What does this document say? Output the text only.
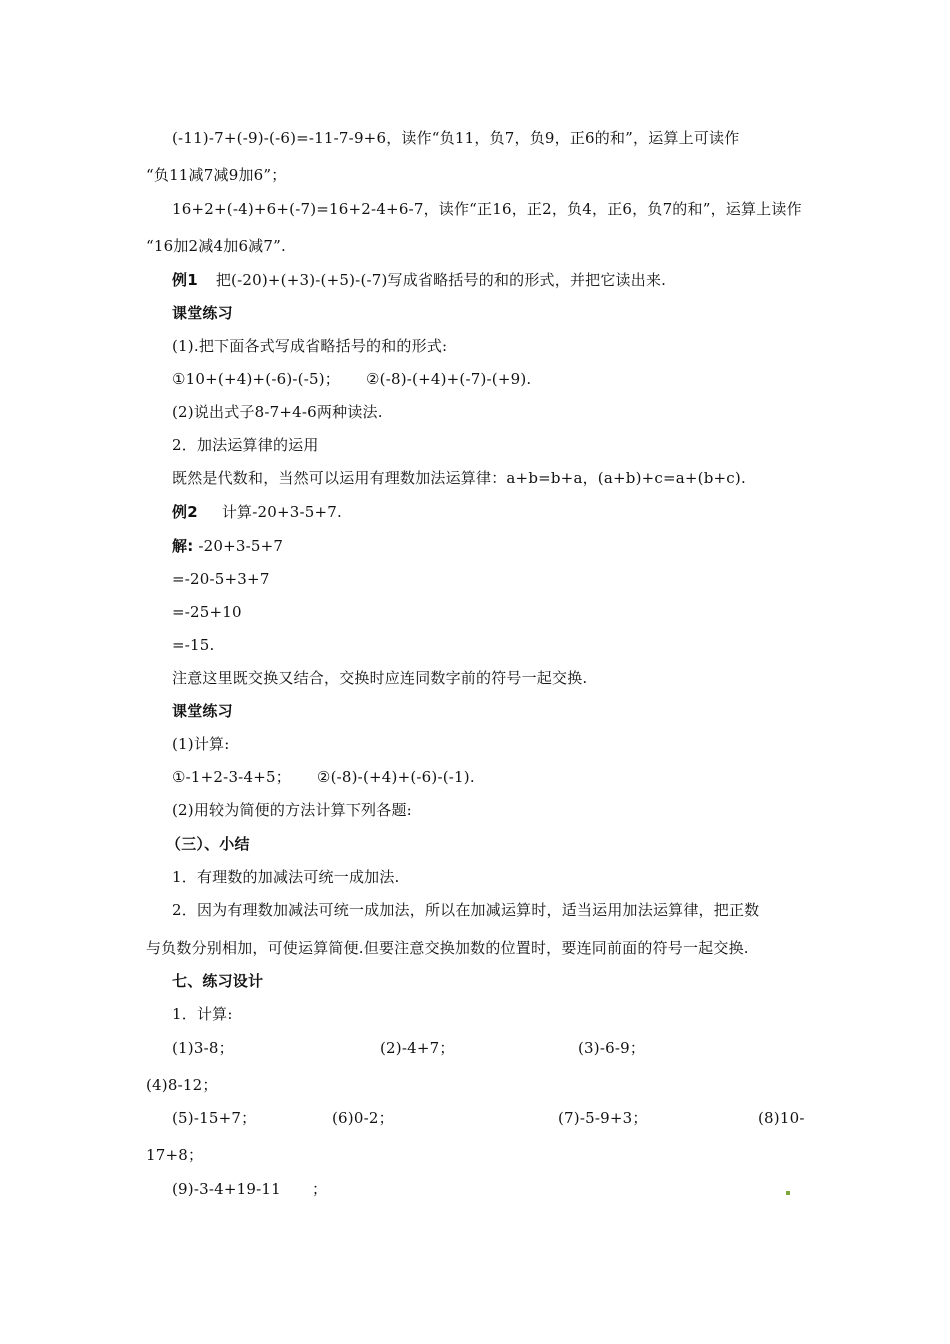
(-11)-7+(-9)-(-6)=-11-7-9+6，读作“负11，负7，负9，正6的和”，运算上可读作
“负11减7减9加6”；
16+2+(-4)+6+(-7)=16+2-4+6-7，读作“正16，正2，负4，正6，负7的和”，运算上读作
“16加2减4加6减7”.
例1 把(-20)+(+3)-(+5)-(-7)写成省略括号的和的形式，并把它读出来.
课堂练习
(1).把下面各式写成省略括号的和的形式:
①10+(+4)+(-6)-(-5)； ②(-8)-(+4)+(-7)-(+9).
(2)说出式子8-7+4-6两种读法.
2．加法运算律的运用
既然是代数和，当然可以运用有理数加法运算律：a+b=b+a，(a+b)+c=a+(b+c).
例2 计算-20+3-5+7.
解: -20+3-5+7
=-20-5+3+7
=-25+10
=-15.
注意这里既交换又结合，交换时应连同数字前的符号一起交换.
课堂练习
(1)计算:
①-1+2-3-4+5； ②(-8)-(+4)+(-6)-(-1).
(2)用较为简便的方法计算下列各题:
（三）、小结
1．有理数的加减法可统一成加法.
2．因为有理数加减法可统一成加法，所以在加减运算时，适当运用加法运算律，把正数
与负数分别相加，可使运算简便.但要注意交换加数的位置时，要连同前面的符号一起交换.
七、练习设计
1．计算:
(1)3-8；	(2)-4+7；	(3)-6-9；
(4)8-12；
(5)-15+7；	(6)0-2；	(7)-5-9+3；	(8)10-
17+8；
(9)-3-4+19-11 ；
